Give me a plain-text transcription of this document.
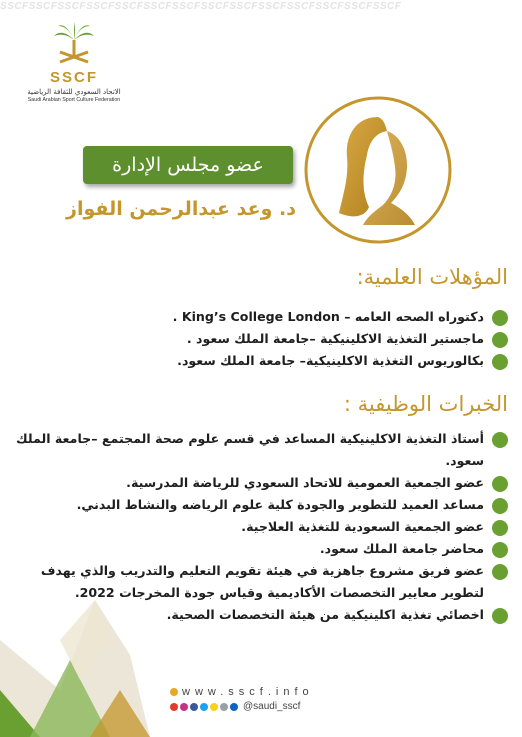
SSCFSSCFSSCFSSCFSSCFSSCFSSCFSSCFSSCFSSCFSSCFSSCFSSCFSSCF
SSCF
الاتحاد السعودي للثقافة الرياضية
Saudi Arabian Sport Culture Federation
عضو مجلس الإدارة
د. وعد عبدالرحمن الفواز
المؤهلات العلمية:
دكتوراه الصحه العامه – King’s College London .
ماجستير التغذية الاكلينيكية –جامعة الملك سعود .
بكالوريوس التغذية الاكلينيكية– جامعة الملك سعود.
الخبرات الوظيفية :
أستاذ التغذية الاكلينيكية المساعد في قسم علوم صحة المجتمع –جامعة الملك سعود.
عضو الجمعية العمومية للاتحاد السعودي للرياضة المدرسية.
مساعد العميد للتطوير والجودة كلية علوم الرياضه والنشاط البدني.
عضو الجمعية السعودية للتغذية العلاجية.
محاضر جامعة الملك سعود.
عضو فريق مشروع جاهزية في هيئة تقويم التعليم والتدريب والذي يهدف لتطوير معايير التخصصات الأكاديمية وقياس جودة المخرجات 2022.
اخصائي تغذية اكلينيكية من هيئة التخصصات الصحية.
www.sscf.info
@saudi_sscf
